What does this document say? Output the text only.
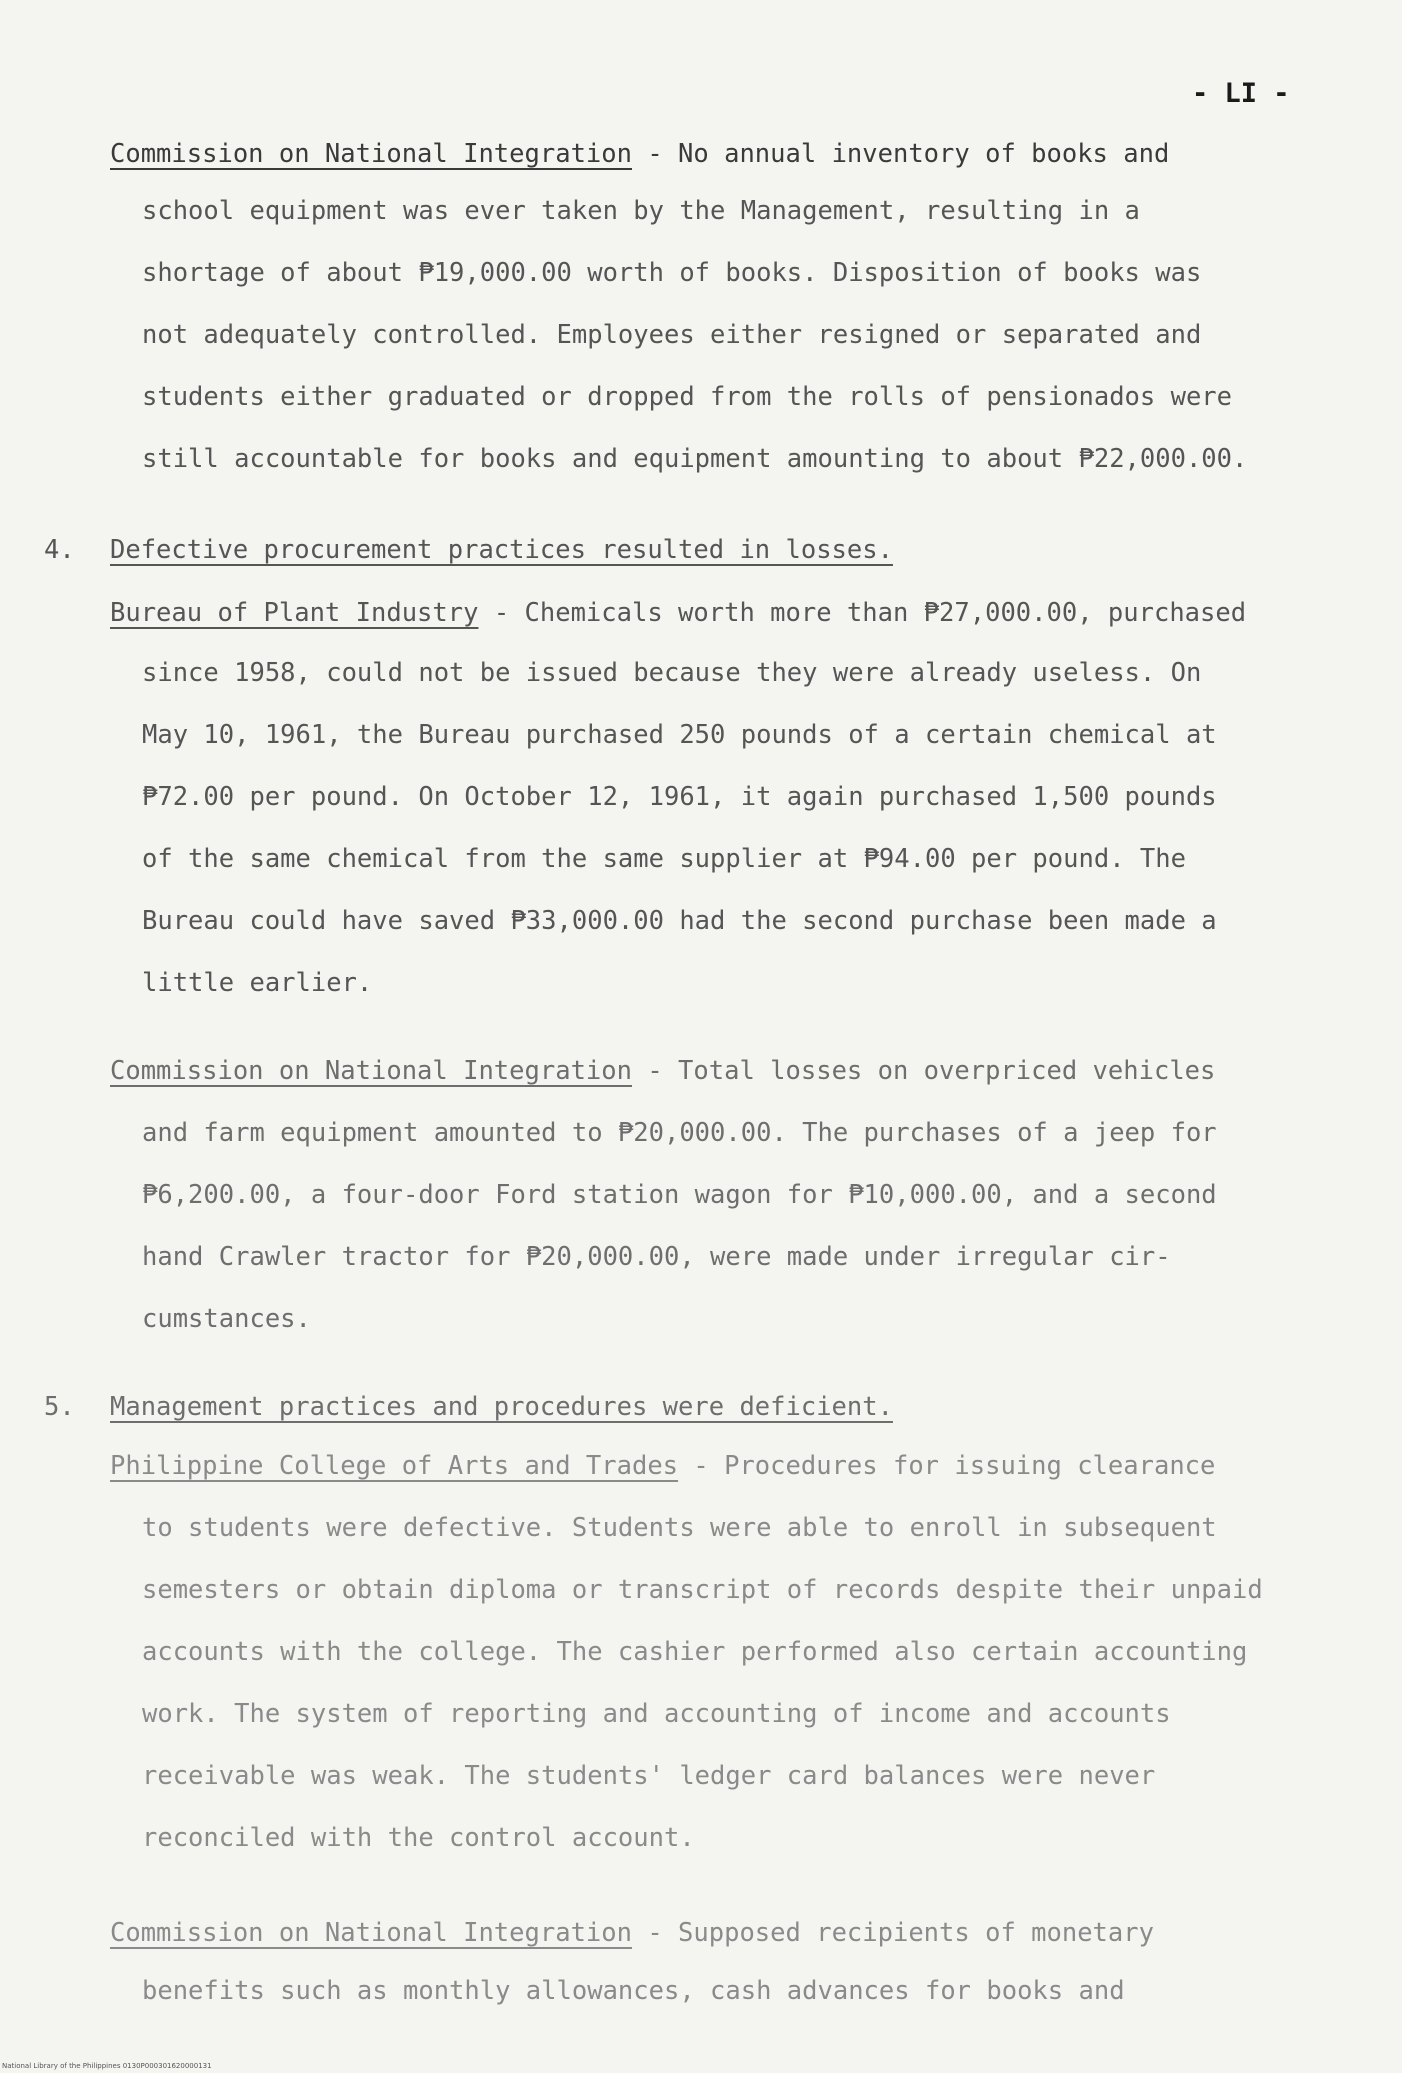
- LI -
Commission on National Integration - No annual inventory of books and
school equipment was ever taken by the Management, resulting in a
shortage of about ₱19,000.00 worth of books. Disposition of books was
not adequately controlled. Employees either resigned or separated and
students either graduated or dropped from the rolls of pensionados were
still accountable for books and equipment amounting to about ₱22,000.00.
4. Defective procurement practices resulted in losses.
Bureau of Plant Industry - Chemicals worth more than ₱27,000.00, purchased
since 1958, could not be issued because they were already useless. On
May 10, 1961, the Bureau purchased 250 pounds of a certain chemical at
₱72.00 per pound. On October 12, 1961, it again purchased 1,500 pounds
of the same chemical from the same supplier at ₱94.00 per pound. The
Bureau could have saved ₱33,000.00 had the second purchase been made a
little earlier.
Commission on National Integration - Total losses on overpriced vehicles
and farm equipment amounted to ₱20,000.00. The purchases of a jeep for
₱6,200.00, a four-door Ford station wagon for ₱10,000.00, and a second
hand Crawler tractor for ₱20,000.00, were made under irregular cir-
cumstances.
5. Management practices and procedures were deficient.
Philippine College of Arts and Trades - Procedures for issuing clearance
to students were defective. Students were able to enroll in subsequent
semesters or obtain diploma or transcript of records despite their unpaid
accounts with the college. The cashier performed also certain accounting
work. The system of reporting and accounting of income and accounts
receivable was weak. The students' ledger card balances were never
reconciled with the control account.
Commission on National Integration - Supposed recipients of monetary
benefits such as monthly allowances, cash advances for books and
National Library of the Philippines 0130P000301620000131
